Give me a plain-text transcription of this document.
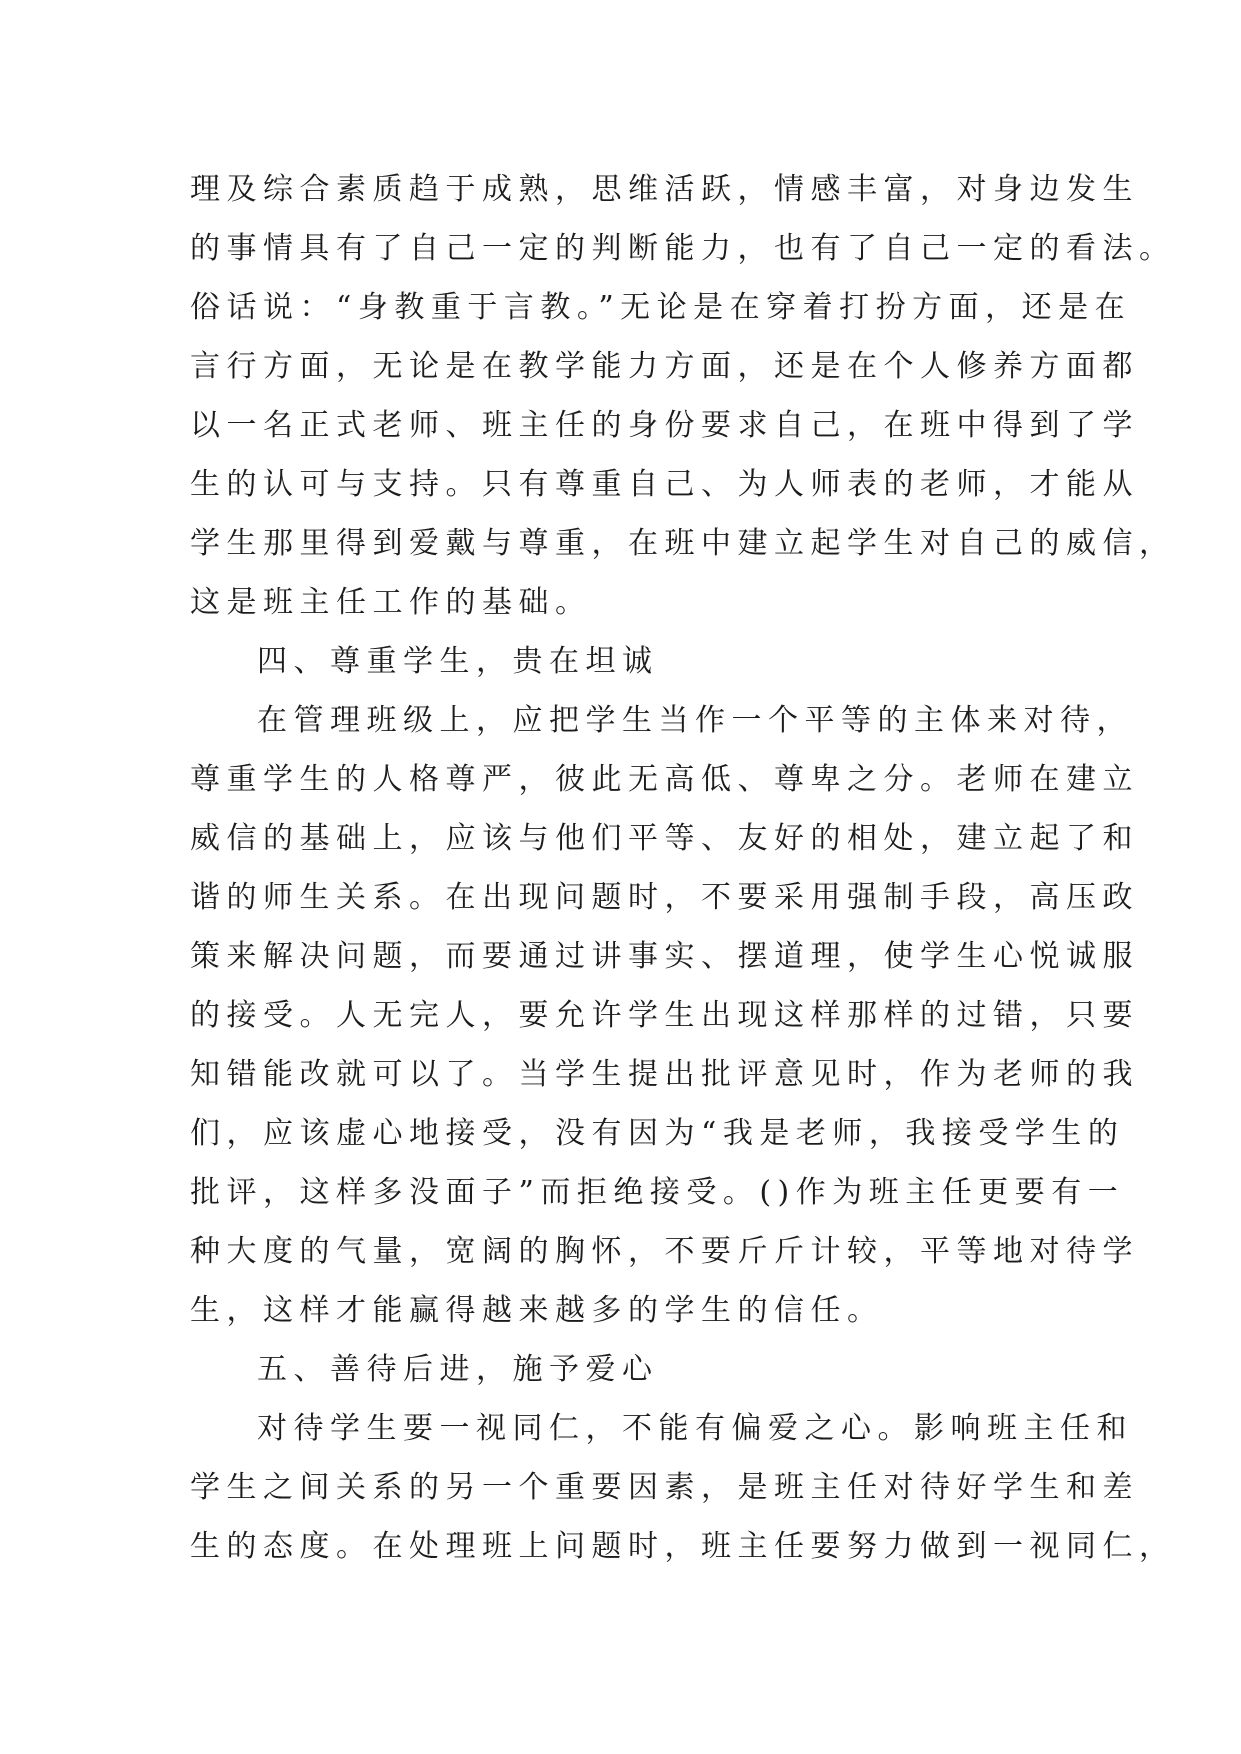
理及综合素质趋于成熟，思维活跃，情感丰富，对身边发生
的事情具有了自己一定的判断能力，也有了自己一定的看法。
俗话说：“身教重于言教。”无论是在穿着打扮方面，还是在
言行方面，无论是在教学能力方面，还是在个人修养方面都
以一名正式老师、班主任的身份要求自己，在班中得到了学
生的认可与支持。只有尊重自己、为人师表的老师，才能从
学生那里得到爱戴与尊重，在班中建立起学生对自己的威信，
这是班主任工作的基础。
四、尊重学生，贵在坦诚
在管理班级上，应把学生当作一个平等的主体来对待，
尊重学生的人格尊严，彼此无高低、尊卑之分。老师在建立
威信的基础上，应该与他们平等、友好的相处，建立起了和
谐的师生关系。在出现问题时，不要采用强制手段，高压政
策来解决问题，而要通过讲事实、摆道理，使学生心悦诚服
的接受。人无完人，要允许学生出现这样那样的过错，只要
知错能改就可以了。当学生提出批评意见时，作为老师的我
们，应该虚心地接受，没有因为“我是老师，我接受学生的
批评，这样多没面子”而拒绝接受。()作为班主任更要有一
种大度的气量，宽阔的胸怀，不要斤斤计较，平等地对待学
生，这样才能赢得越来越多的学生的信任。
五、善待后进，施予爱心
对待学生要一视同仁，不能有偏爱之心。影响班主任和
学生之间关系的另一个重要因素，是班主任对待好学生和差
生的态度。在处理班上问题时，班主任要努力做到一视同仁，
